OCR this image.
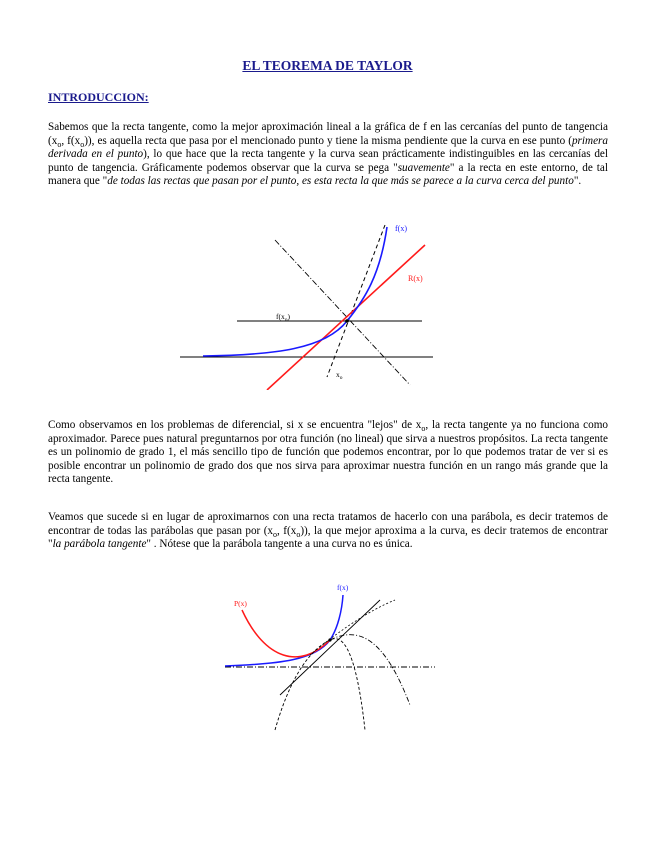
EL TEOREMA DE TAYLOR
INTRODUCCION:
Sabemos que la recta tangente, como la mejor aproximación lineal a la gráfica de f en las cercanías del punto de tangencia ($x_o$, $f(x_o)$), es aquella recta que pasa por el mencionado punto y tiene la misma pendiente que la curva en ese punto (primera derivada en el punto), lo que hace que la recta tangente y la curva sean prácticamente indistinguibles en las cercanías del punto de tangencia. Gráficamente podemos observar que la curva se pega "suavemente" a la recta en este entorno, de tal manera que "de todas las rectas que pasan por el punto, es esta recta la que más se parece a la curva cerca del punto".
f(x)
R(x)
$f(x_o)$
$x_o$
Como observamos en los problemas de diferencial, si x se encuentra "lejos" de $x_o$, la recta tangente ya no funciona como aproximador. Parece pues natural preguntarnos por otra función (no lineal) que sirva a nuestros propósitos. La recta tangente es un polinomio de grado 1, el más sencillo tipo de función que podemos encontrar, por lo que podemos tratar de ver si es posible encontrar un polinomio de grado dos que nos sirva para aproximar nuestra función en un rango más grande que la recta tangente.
Veamos que sucede si en lugar de aproximarnos con una recta tratamos de hacerlo con una parábola, es decir tratemos de encontrar de todas las parábolas que pasan por ($x_o$, $f(x_o)$), la que mejor aproxima a la curva, es decir tratemos de encontrar "la parábola tangente" . Nótese que la parábola tangente a una curva no es única.
f(x)
P(x)
